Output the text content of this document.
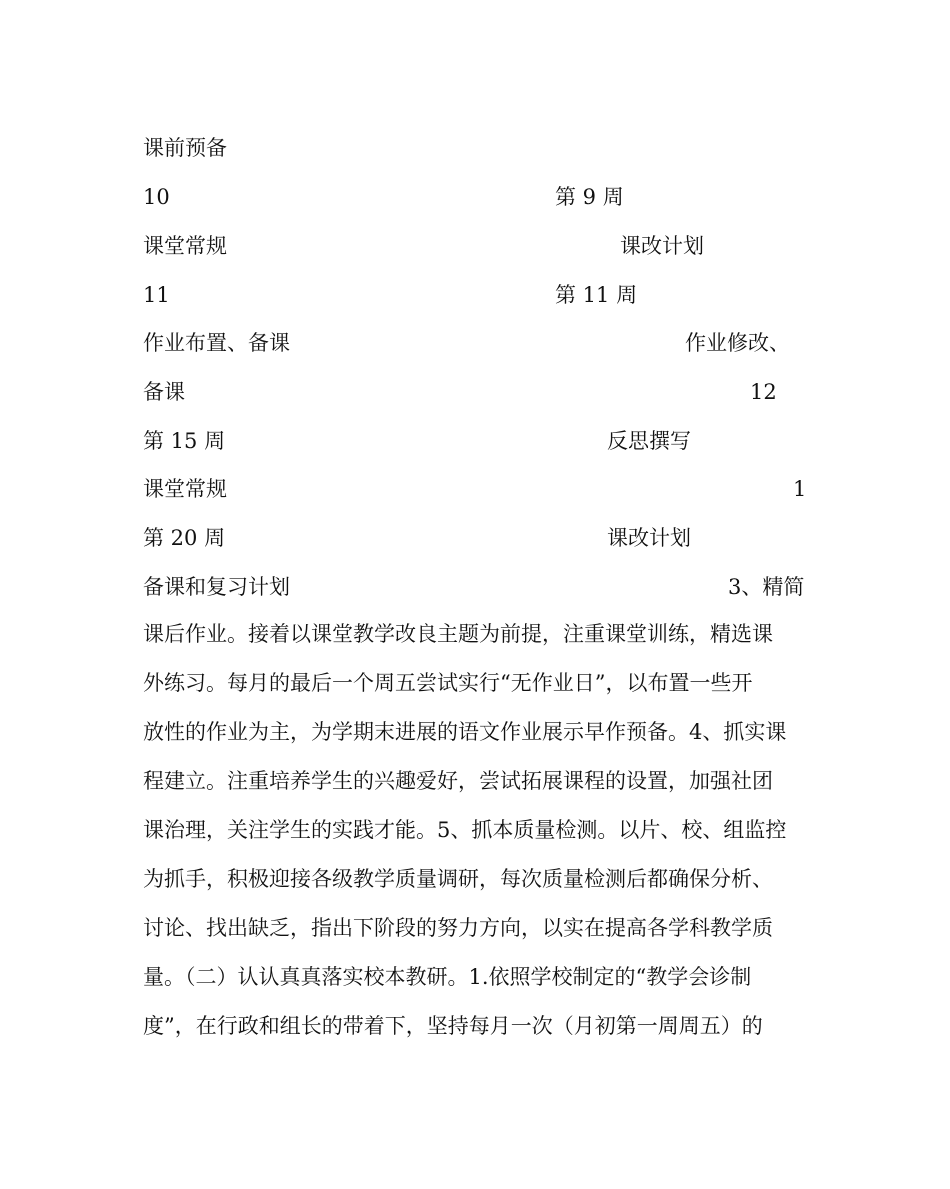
课前预备
10	第 9 周
课堂常规	课改计划
11	第 11 周
作业布置、备课	作业修改、
备课	12
第 15 周	反思撰写
课堂常规	1
第 20 周	课改计划
备课和复习计划	3、精简
课后作业。接着以课堂教学改良主题为前提，注重课堂训练，精选课
外练习。每月的最后一个周五尝试实行“无作业日”，以布置一些开
放性的作业为主，为学期末进展的语文作业展示早作预备。4、抓实课
程建立。注重培养学生的兴趣爱好，尝试拓展课程的设置，加强社团
课治理，关注学生的实践才能。5、抓本质量检测。以片、校、组监控
为抓手，积极迎接各级教学质量调研，每次质量检测后都确保分析、
讨论、找出缺乏，指出下阶段的努力方向，以实在提高各学科教学质
量。（二）认认真真落实校本教研。1.依照学校制定的“教学会诊制
度”，在行政和组长的带着下，坚持每月一次（月初第一周周五）的
